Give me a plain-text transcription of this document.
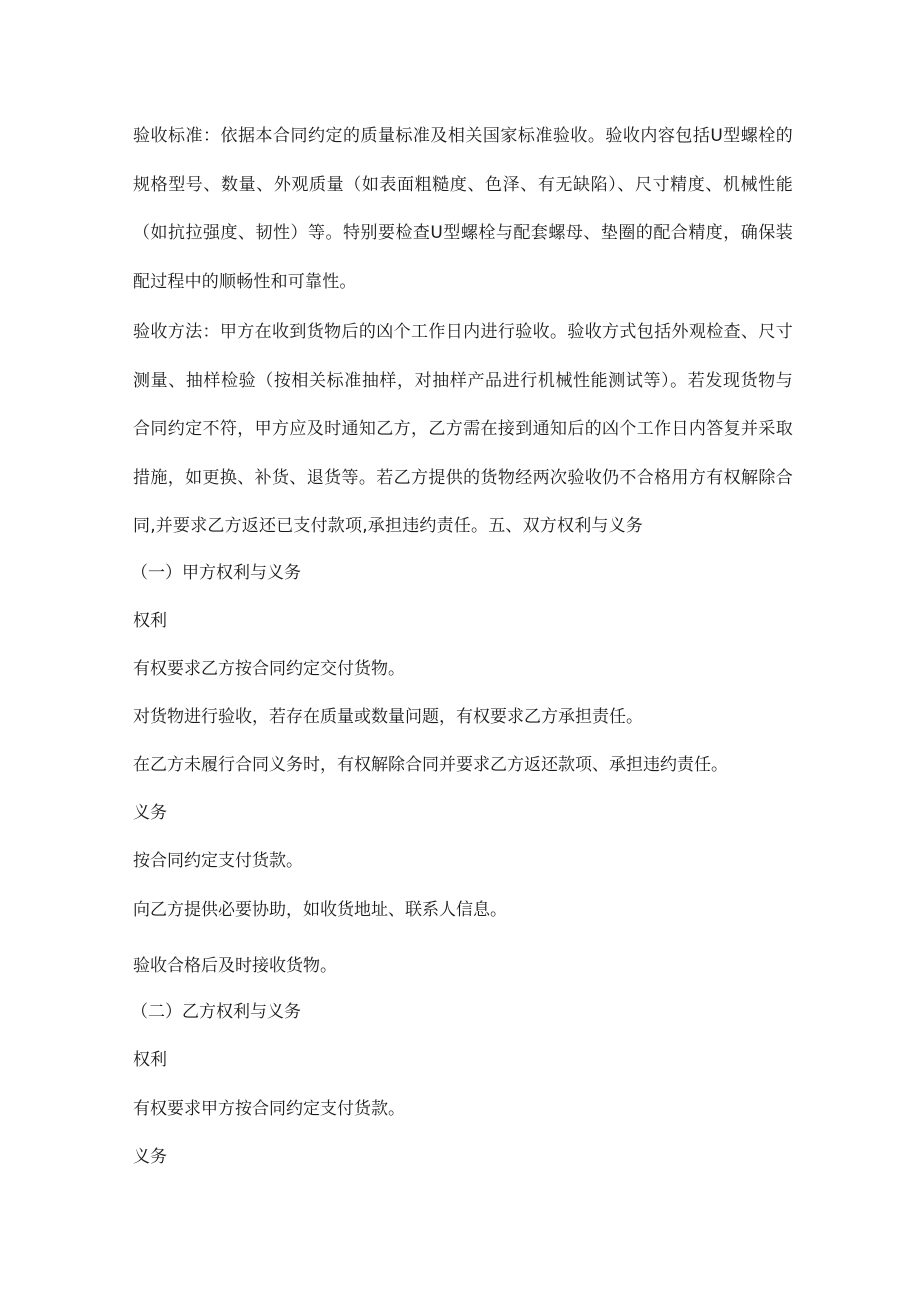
验收标准：依据本合同约定的质量标准及相关国家标准验收。验收内容包括U型螺栓的规格型号、数量、外观质量（如表面粗糙度、色泽、有无缺陷）、尺寸精度、机械性能（如抗拉强度、韧性）等。特别要检查U型螺栓与配套螺母、垫圈的配合精度，确保装配过程中的顺畅性和可靠性。

验收方法：甲方在收到货物后的凶个工作日内进行验收。验收方式包括外观检查、尺寸测量、抽样检验（按相关标准抽样，对抽样产品进行机械性能测试等）。若发现货物与合同约定不符，甲方应及时通知乙方，乙方需在接到通知后的凶个工作日内答复并采取措施，如更换、补货、退货等。若乙方提供的货物经两次验收仍不合格用方有权解除合同,并要求乙方返还已支付款项,承担违约责任。五、双方权利与义务

（一）甲方权利与义务

权利

有权要求乙方按合同约定交付货物。

对货物进行验收，若存在质量或数量问题，有权要求乙方承担责任。

在乙方未履行合同义务时，有权解除合同并要求乙方返还款项、承担违约责任。

义务

按合同约定支付货款。

向乙方提供必要协助，如收货地址、联系人信息。

验收合格后及时接收货物。

（二）乙方权利与义务

权利

有权要求甲方按合同约定支付货款。

义务
